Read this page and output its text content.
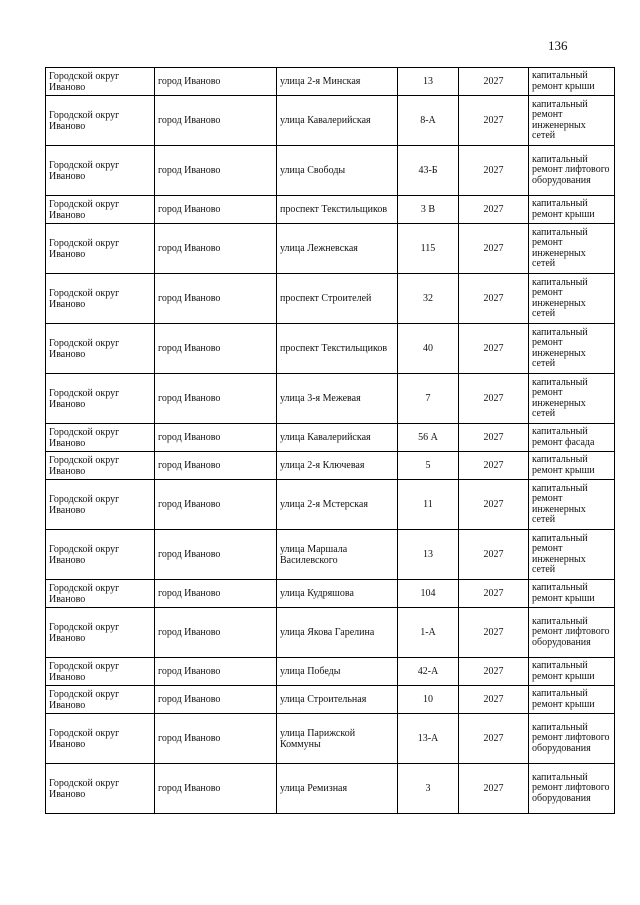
136
Городской округ Иваново	город Иваново	улица 2-я Минская	13	2027	капитальный ремонт крыши
Городской округ Иваново	город Иваново	улица Кавалерийская	8-А	2027	капитальный ремонт инженерных сетей
Городской округ Иваново	город Иваново	улица Свободы	43-Б	2027	капитальный ремонт лифтового оборудования
Городской округ Иваново	город Иваново	проспект Текстильщиков	3 В	2027	капитальный ремонт крыши
Городской округ Иваново	город Иваново	улица Лежневская	115	2027	капитальный ремонт инженерных сетей
Городской округ Иваново	город Иваново	проспект Строителей	32	2027	капитальный ремонт инженерных сетей
Городской округ Иваново	город Иваново	проспект Текстильщиков	40	2027	капитальный ремонт инженерных сетей
Городской округ Иваново	город Иваново	улица 3-я Межевая	7	2027	капитальный ремонт инженерных сетей
Городской округ Иваново	город Иваново	улица Кавалерийская	56 А	2027	капитальный ремонт фасада
Городской округ Иваново	город Иваново	улица 2-я Ключевая	5	2027	капитальный ремонт крыши
Городской округ Иваново	город Иваново	улица 2-я Мстерская	11	2027	капитальный ремонт инженерных сетей
Городской округ Иваново	город Иваново	улица Маршала Василевского	13	2027	капитальный ремонт инженерных сетей
Городской округ Иваново	город Иваново	улица Кудряшова	104	2027	капитальный ремонт крыши
Городской округ Иваново	город Иваново	улица Якова Гарелина	1-А	2027	капитальный ремонт лифтового оборудования
Городской округ Иваново	город Иваново	улица Победы	42-А	2027	капитальный ремонт крыши
Городской округ Иваново	город Иваново	улица Строительная	10	2027	капитальный ремонт крыши
Городской округ Иваново	город Иваново	улица Парижской Коммуны	13-А	2027	капитальный ремонт лифтового оборудования
Городской округ Иваново	город Иваново	улица Ремизная	3	2027	капитальный ремонт лифтового оборудования
